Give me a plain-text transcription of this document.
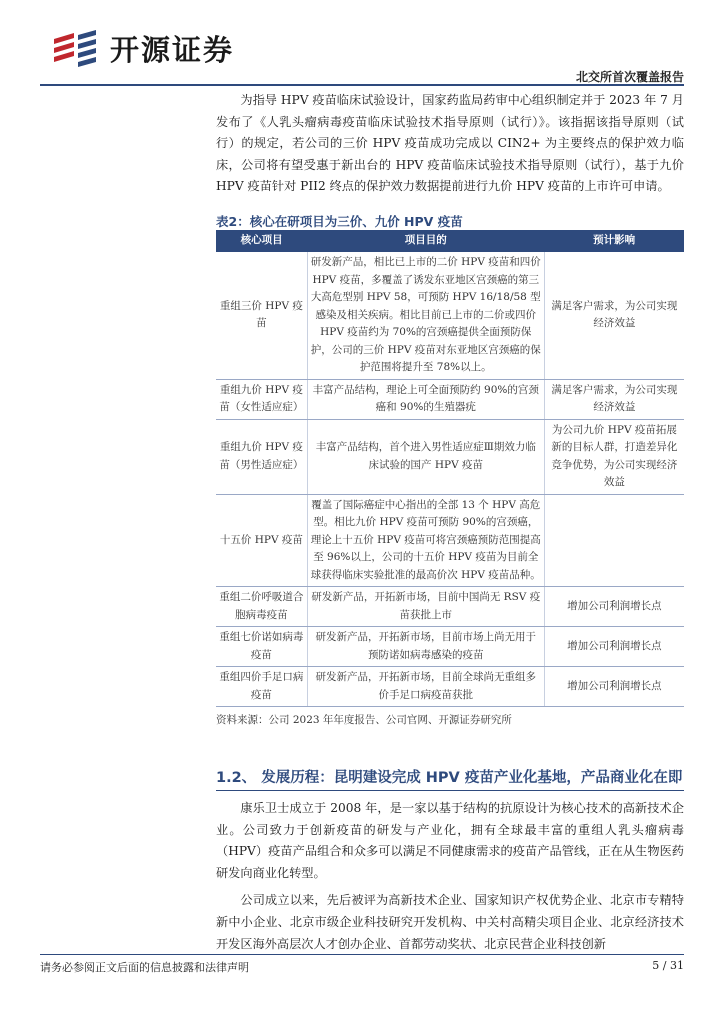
开源证券
北交所首次覆盖报告

为指导 HPV 疫苗临床试验设计，国家药监局药审中心组织制定并于 2023 年 7 月发布了《人乳头瘤病毒疫苗临床试验技术指导原则（试行）》。该指据该指导原则（试行）的规定，若公司的三价 HPV 疫苗成功完成以 CIN2+ 为主要终点的保护效力临床，公司将有望受惠于新出台的 HPV 疫苗临床试验技术指导原则（试行），基于九价 HPV 疫苗针对 PII2 终点的保护效力数据提前进行九价 HPV 疫苗的上市许可申请。

表2：核心在研项目为三价、九价 HPV 疫苗
核心项目	项目目的	预计影响
重组三价 HPV 疫苗	研发新产品，相比已上市的二价 HPV 疫苗和四价 HPV 疫苗，多覆盖了诱发东亚地区宫颈癌的第三大高危型别 HPV 58，可预防 HPV 16/18/58 型感染及相关疾病。相比目前已上市的二价或四价 HPV 疫苗约为 70%的宫颈癌提供全面预防保护，公司的三价 HPV 疫苗对东亚地区宫颈癌的保护范围将提升至 78%以上。	满足客户需求，为公司实现经济效益
重组九价 HPV 疫苗（女性适应症）	丰富产品结构，理论上可全面预防约 90%的宫颈癌和 90%的生殖器疣	满足客户需求，为公司实现经济效益
重组九价 HPV 疫苗（男性适应症）	丰富产品结构，首个进入男性适应症Ⅲ期效力临床试验的国产 HPV 疫苗	为公司九价 HPV 疫苗拓展新的目标人群，打造差异化竞争优势，为公司实现经济效益
十五价 HPV 疫苗	覆盖了国际癌症中心指出的全部 13 个 HPV 高危型。相比九价 HPV 疫苗可预防 90%的宫颈癌，理论上十五价 HPV 疫苗可将宫颈癌预防范围提高至 96%以上，公司的十五价 HPV 疫苗为目前全球获得临床实验批准的最高价次 HPV 疫苗品种。	
重组二价呼吸道合胞病毒疫苗	研发新产品，开拓新市场，目前中国尚无 RSV 疫苗获批上市	增加公司利润增长点
重组七价诺如病毒疫苗	研发新产品，开拓新市场，目前市场上尚无用于预防诺如病毒感染的疫苗	增加公司利润增长点
重组四价手足口病疫苗	研发新产品，开拓新市场，目前全球尚无重组多价手足口病疫苗获批	增加公司利润增长点
资料来源：公司 2023 年年度报告、公司官网、开源证券研究所
1.2、 发展历程：昆明建设完成 HPV 疫苗产业化基地，产品商业化在即

康乐卫士成立于 2008 年，是一家以基于结构的抗原设计为核心技术的高新技术企业。公司致力于创新疫苗的研发与产业化，拥有全球最丰富的重组人乳头瘤病毒（HPV）疫苗产品组合和众多可以满足不同健康需求的疫苗产品管线，正在从生物医药研发向商业化转型。

公司成立以来，先后被评为高新技术企业、国家知识产权优势企业、北京市专精特新中小企业、北京市级企业科技研究开发机构、中关村高精尖项目企业、北京经济技术开发区海外高层次人才创办企业、首都劳动奖状、北京民营企业科技创新

请务必参阅正文后面的信息披露和法律声明	5 / 31
